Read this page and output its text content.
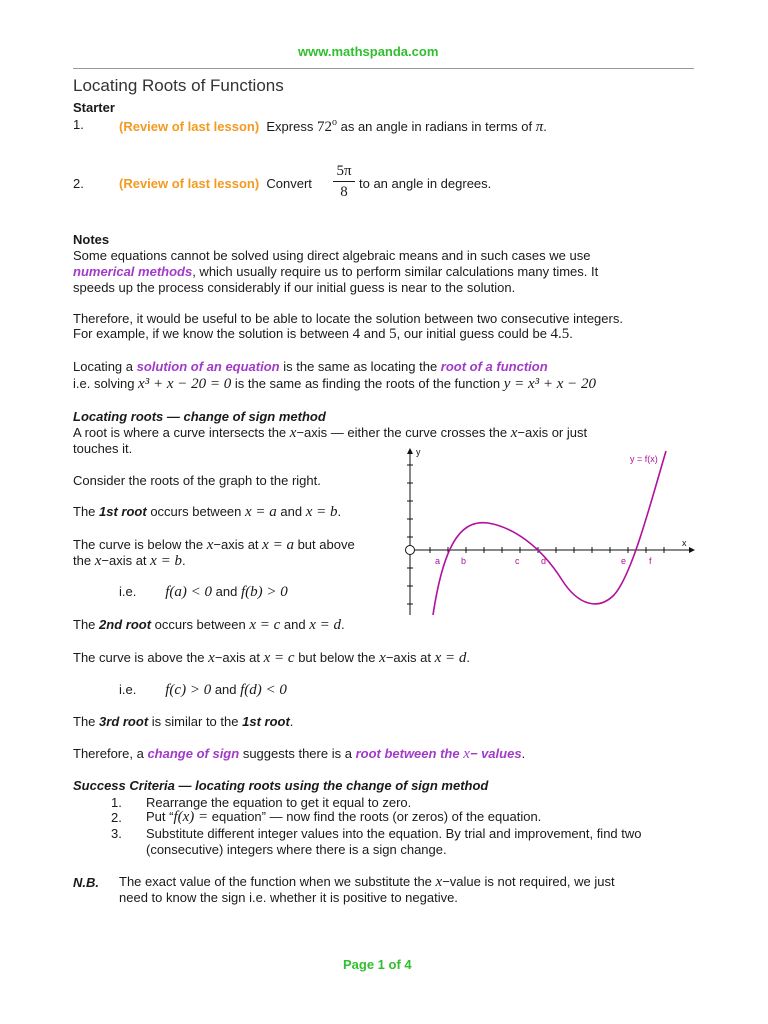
www.mathspanda.com
Locating Roots of Functions
Starter
1.	(Review of last lesson) Express 72$^o$ as an angle in radians in terms of π.
2.	(Review of last lesson) Convert
5π
8
to an angle in degrees.
Notes
Some equations cannot be solved using direct algebraic means and in such cases we use
numerical methods, which usually require us to perform similar calculations many times. It
speeds up the process considerably if our initial guess is near to the solution.
Therefore, it would be useful to be able to locate the solution between two consecutive integers.
For example, if we know the solution is between 4 and 5, our initial guess could be 4.5.
Locating a solution of an equation is the same as locating the root of a function
i.e. solving x³ + x − 20 = 0 is the same as finding the roots of the function y = x³ + x − 20
Locating roots — change of sign method
A root is where a curve intersects the x−axis — either the curve crosses the x−axis or just
touches it.
Consider the roots of the graph to the right.
The 1st root occurs between x = a and x = b.
The curve is below the x−axis at x = a but above
the x−axis at x = b.
i.e. f(a) < 0 and f(b) > 0
The 2nd root occurs between x = c and x = d.
The curve is above the x−axis at x = c but below the x−axis at x = d.
i.e. f(c) > 0 and f(d) < 0
The 3rd root is similar to the 1st root.
Therefore, a change of sign suggests there is a root between the x− values.
y
x
y = f(x)
a b	c d	e	f
Success Criteria — locating roots using the change of sign method
1. Rearrange the equation to get it equal to zero.
2. Put “f(x) = equation” — now find the roots (or zeros) of the equation.
3. Substitute different integer values into the equation. By trial and improvement, find two
(consecutive) integers where there is a sign change.
N.B. The exact value of the function when we substitute the x−value is not required, we just
need to know the sign i.e. whether it is positive to negative.
Page 1 of 4
